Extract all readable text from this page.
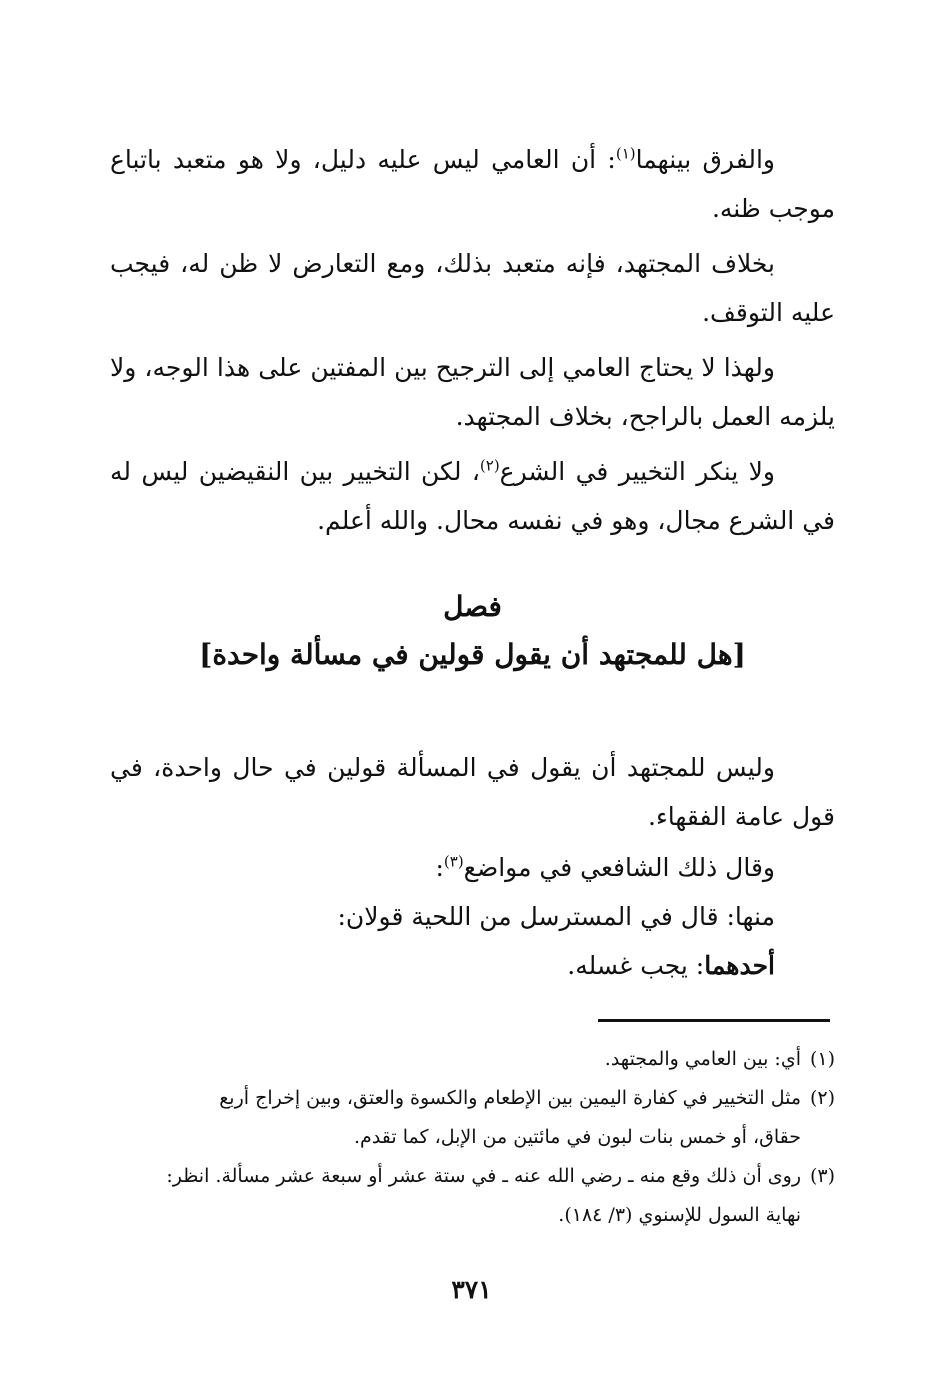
والفرق بينهما$^{(١)}$: أن العامي ليس عليه دليل، ولا هو متعبد باتباع موجب ظنه.

بخلاف المجتهد، فإنه متعبد بذلك، ومع التعارض لا ظن له، فيجب عليه التوقف.

ولهذا لا يحتاج العامي إلى الترجيح بين المفتين على هذا الوجه، ولا يلزمه العمل بالراجح، بخلاف المجتهد.

ولا ينكر التخيير في الشرع$^{(٢)}$، لكن التخيير بين النقيضين ليس له في الشرع مجال، وهو في نفسه محال. والله أعلم.

فصل
[هل للمجتهد أن يقول قولين في مسألة واحدة]

وليس للمجتهد أن يقول في المسألة قولين في حال واحدة، في قول عامة الفقهاء.

وقال ذلك الشافعي في مواضع$^{(٣)}$:

منها: قال في المسترسل من اللحية قولان:

أحدهما: يجب غسله.

(١)أي: بين العامي والمجتهد.

(٢)مثل التخيير في كفارة اليمين بين الإطعام والكسوة والعتق، وبين إخراج أربع

حقاق، أو خمس بنات لبون في مائتين من الإبل، كما تقدم.

(٣)روى أن ذلك وقع منه ـ رضي الله عنه ـ في ستة عشر أو سبعة عشر مسألة. انظر:

نهاية السول للإسنوي (٣/ ١٨٤).

٣٧١
